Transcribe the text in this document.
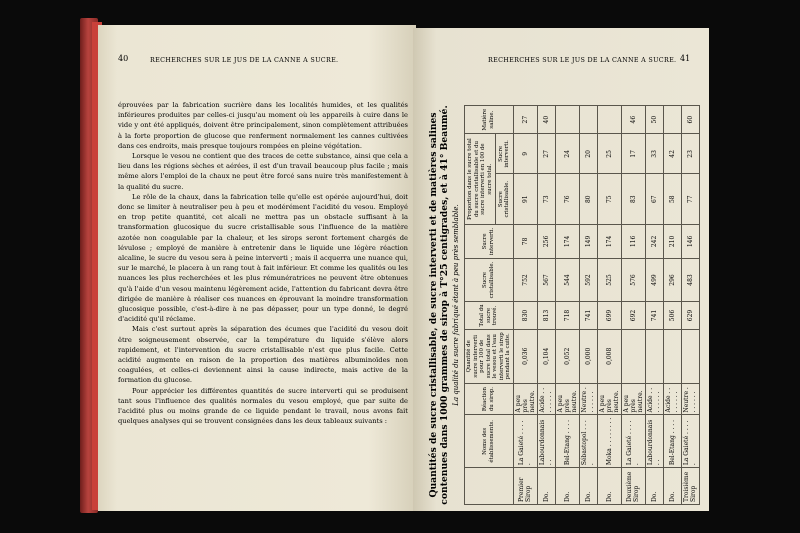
40	RECHERCHES SUR LE JUS DE LA CANNE A SUCRE.

éprouvées par la fabrication sucrière dans les localités humides, et les qualités inférieures produites par celles-ci jusqu'au moment où les appareils à cuire dans le vide y ont été appliqués, doivent être principalement, sinon complètement attribuées à la forte proportion de glucose que renferment normalement les cannes cultivées dans ces endroits, mais presque toujours rompées en pleine végétation.

Lorsque le vesou ne contient que des traces de cette substance, ainsi que cela a lieu dans les régions sèches et aérées, il est d'un travail beaucoup plus facile ; mais même alors l'emploi de la chaux ne peut être forcé sans nuire très manifestement à la qualité du sucre.

Le rôle de la chaux, dans la fabrication telle qu'elle est opérée aujourd'hui, doit donc se limiter à neutraliser peu à peu et modérément l'acidité du vesou. Employé en trop petite quantité, cet alcali ne mettra pas un obstacle suffisant à la transformation glucosique du sucre cristallisable sous l'influence de la matière azotée non coagulable par la chaleur, et les sirops seront fortement chargés de lévulose ; employé de manière à entretenir dans le liquide une légère réaction alcaline, le sucre du vesou sera à peine interverti ; mais il acquerra une nuance qui, sur le marché, le placera à un rang tout à fait inférieur. Et comme les qualités ou les nuances les plus recherchées et les plus rémunératrices ne peuvent être obtenues qu'à l'aide d'un vesou maintenu légèrement acide, l'attention du fabricant devra être dirigée de manière à réaliser ces nuances en éprouvant la moindre transformation glucosique possible, c'est-à-dire à ne pas dépasser, pour un type donné, le degré d'acidité qu'il réclame.

Mais c'est surtout après la séparation des écumes que l'acidité du vesou doit être soigneusement observée, car la température du liquide s'élève alors rapidement, et l'intervention du sucre cristallisable n'est que plus facile. Cette acidité augmente en raison de la proportion des matières albuminoïdes non coagulées, et celles-ci deviennent ainsi la cause indirecte, mais active de la formation du glucose.

Pour apprécier les différentes quantités de sucre interverti qui se produisent tant sous l'influence des qualités normales du vesou employé, que par suite de l'acidité plus ou moins grande de ce liquide pendant le travail, nous avons fait quelques analyses qui se trouvent consignées dans les deux tableaux suivants :

RECHERCHES SUR LE JUS DE LA CANNE A SUCRE. 41
Quantités de sucre cristallisable, de sucre interverti et de matières salines contenues dans 1000 grammes de sirop à T°25 centigrades, et à 41° Beaumé. La qualité du sucre fabriqué étant à peu près semblable.
	Noms des établissements.	Réaction du sirop.	Quantité de sucre interverti pour 100 de sucre total dans le vesou et l'eau interverti le sirop pendant la cuite.	Total du sucre trouvé.	Sucre cristallisable.	Sucre interverti.	Proportion dans le sucre total du sucre cristallisable et du sucre interverti en 100 de sucre total.		Matière saline.
							Sucre cristallisable.	Sucre interverti.	
Premier Sirop	La Gaieté . . . . .	A peu près neutre.	0,036	830	752	78	91	9	27
Do.	Labourdonnais . .	Acide . . . . . . . .	0,104	813	567	256	73	27	40
Do.	Bel-Etang . . . .	A peu près neutre.	0,052	718	544	174	76	24	
Do.	Sébastopol . . . .	Neutre . . . . . . .	0,000	741	592	149	80	20	
Do.	Moka . . . . . . . .	A peu près neutre.	0,008	699	525	174	75	25	
Deuxième Sirop	La Gaieté . . . . .	A peu près neutre.		692	576	116	83	17	46
Do.	Labourdonnais . .	Acide . . . . . . . .		741	499	242	67	33	50
Do.	Bel-Etang . . . .	Acide . . . . . . . .		506	296	210	58	42	
Troisième Sirop	La Gaieté . . . . .	Neutre . . . . . . .		629	483	146	77	23	60
